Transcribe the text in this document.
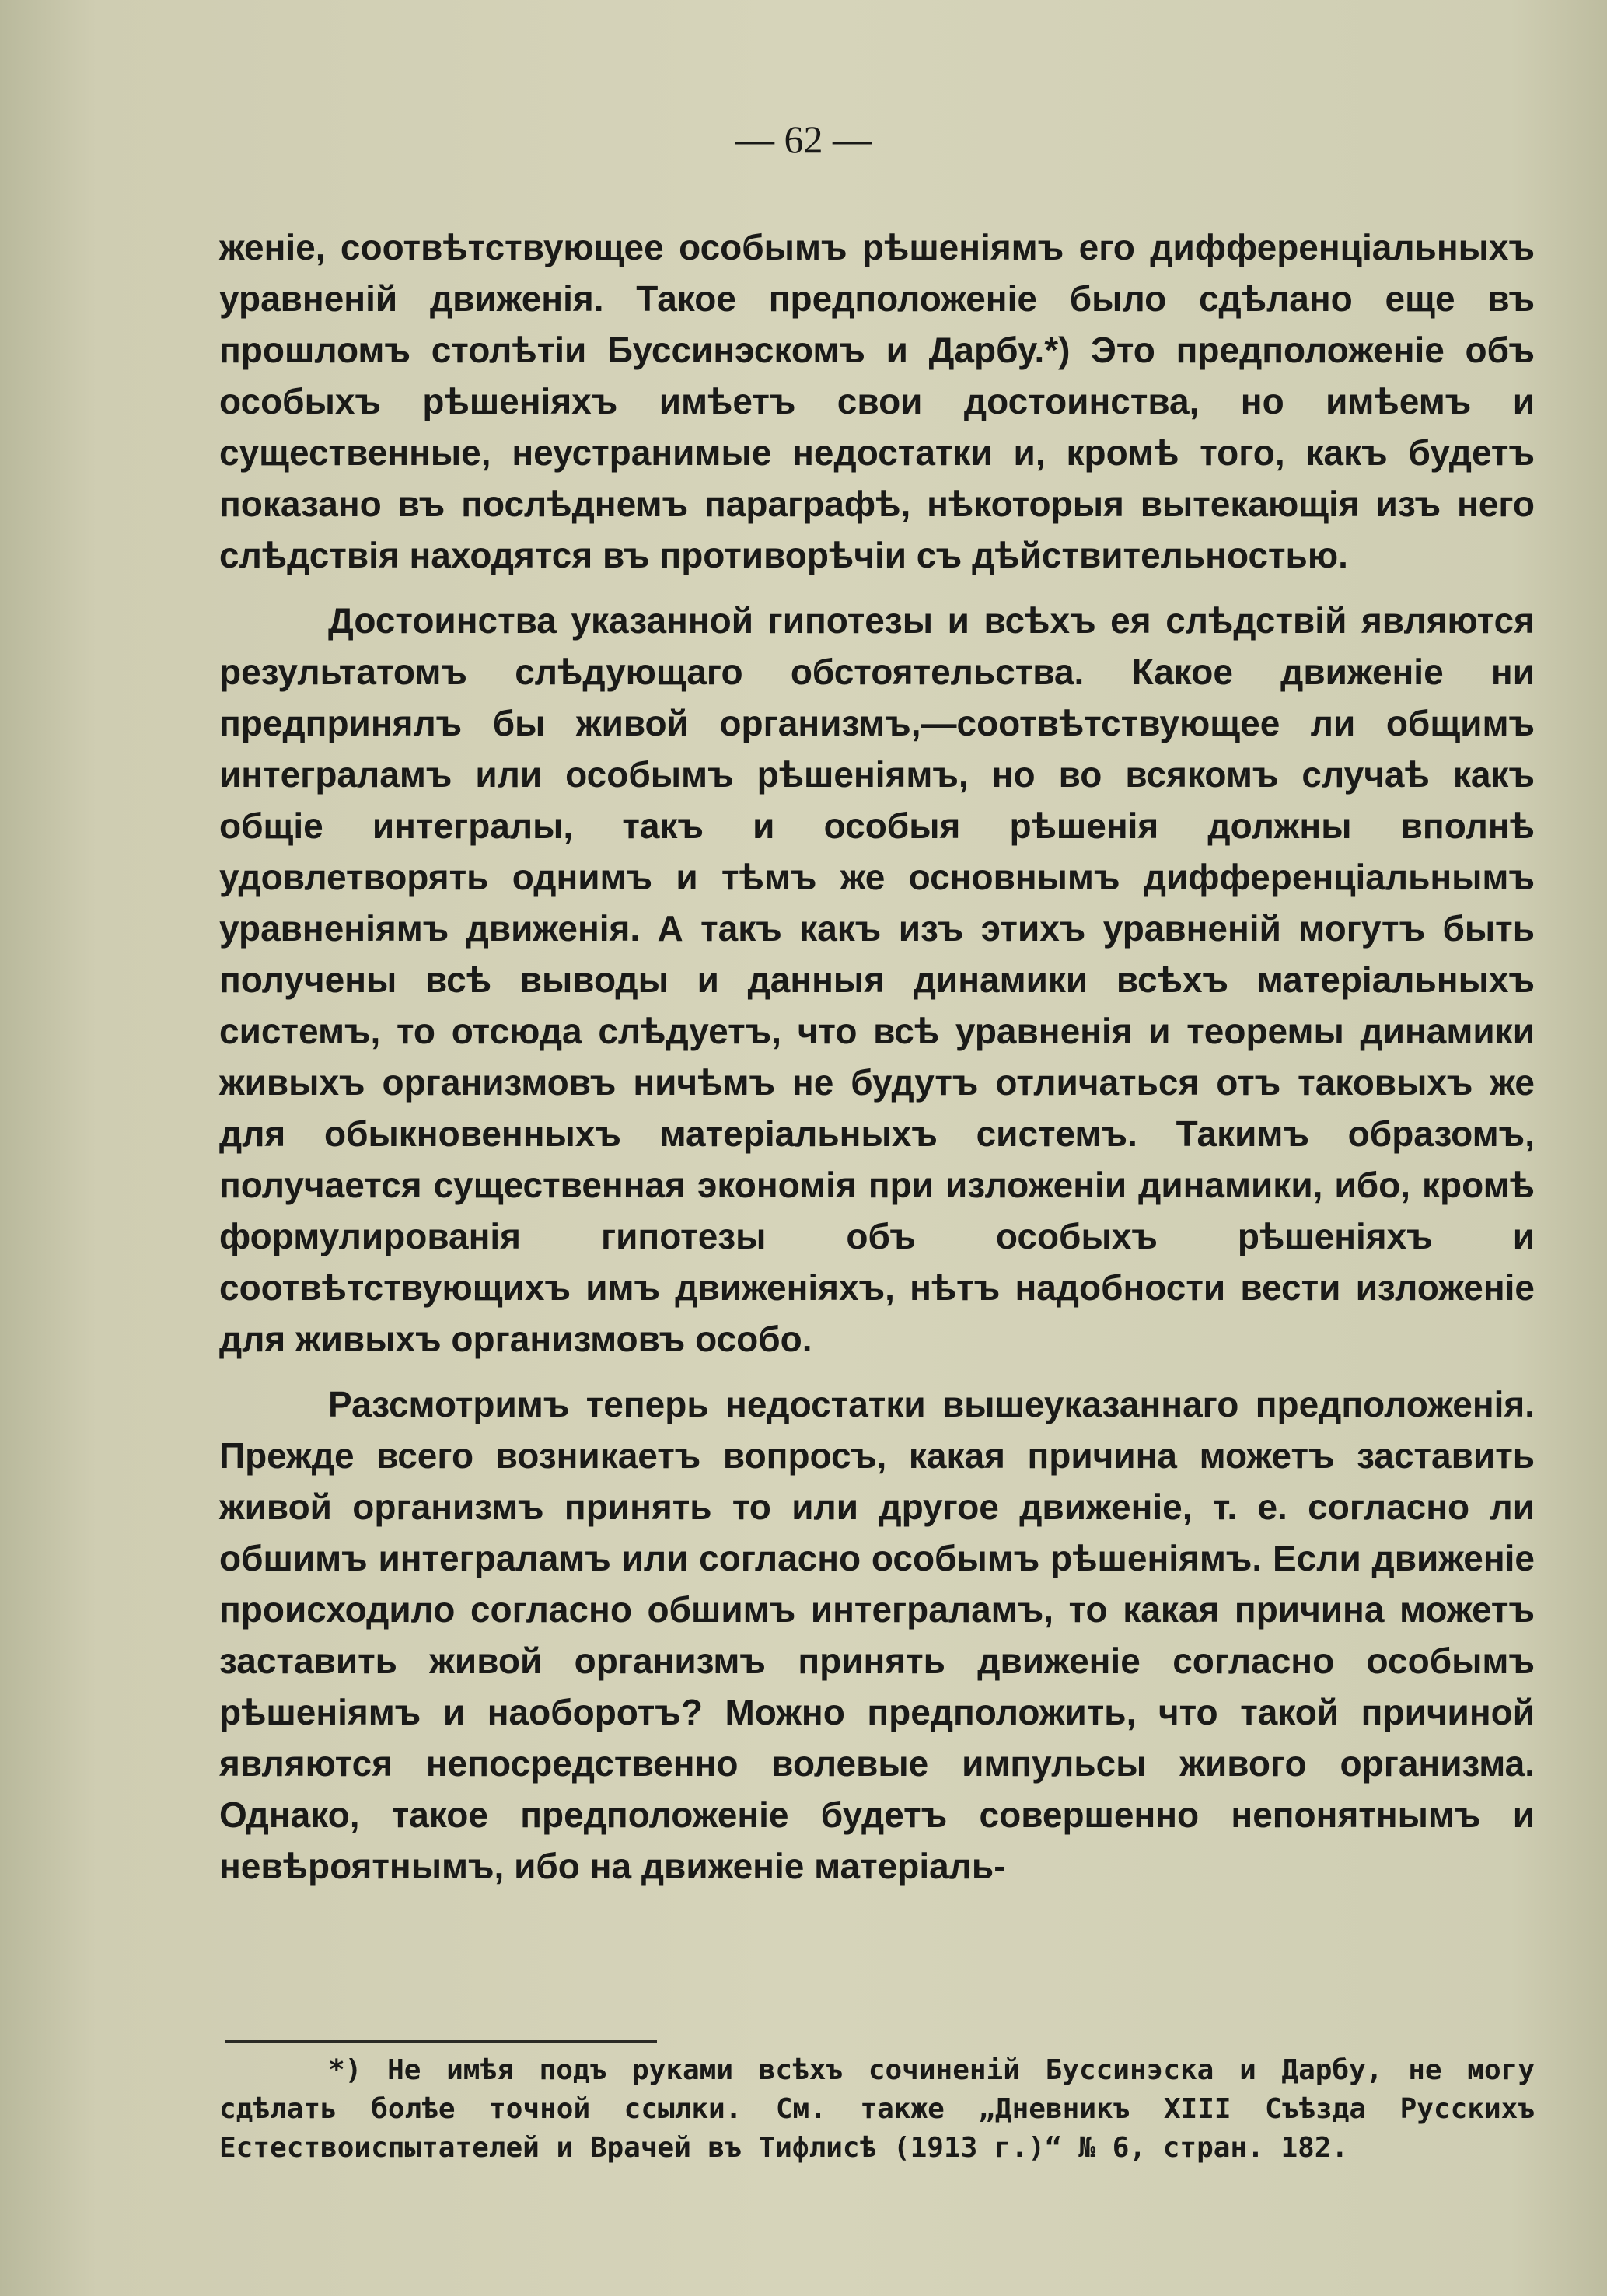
— 62 —

женіе, соотвѣтствующее особымъ рѣшеніямъ его дифференціальныхъ уравненій движенія. Такое предположеніе было сдѣлано еще въ прошломъ столѣтіи Буссинэскомъ и Дарбу.*) Это предположеніе объ особыхъ рѣшеніяхъ имѣетъ свои достоинства, но имѣемъ и существенные, неустранимые недостатки и, кромѣ того, какъ будетъ показано въ послѣднемъ параграфѣ, нѣкоторыя вытекающія изъ него слѣдствія находятся въ противорѣчіи съ дѣйствительностью.

Достоинства указанной гипотезы и всѣхъ ея слѣдствій являются результатомъ слѣдующаго обстоятельства. Какое движеніе ни предпринялъ бы живой организмъ,—соотвѣтствующее ли общимъ интеграламъ или особымъ рѣшеніямъ, но во всякомъ случаѣ какъ общіе интегралы, такъ и особыя рѣшенія должны вполнѣ удовлетворять однимъ и тѣмъ же основнымъ дифференціальнымъ уравненіямъ движенія. А такъ какъ изъ этихъ уравненій могутъ быть получены всѣ выводы и данныя динамики всѣхъ матеріальныхъ системъ, то отсюда слѣдуетъ, что всѣ уравненія и теоремы динамики живыхъ организмовъ ничѣмъ не будутъ отличаться отъ таковыхъ же для обыкновенныхъ матеріальныхъ системъ. Такимъ образомъ, получается существенная экономія при изложеніи динамики, ибо, кромѣ формулированія гипотезы объ особыхъ рѣшеніяхъ и соотвѣтствующихъ имъ движеніяхъ, нѣтъ надобности вести изложеніе для живыхъ организмовъ особо.

Разсмотримъ теперь недостатки вышеуказаннаго предположенія. Прежде всего возникаетъ вопросъ, какая причина можетъ заставить живой организмъ принять то или другое движеніе, т. е. согласно ли обшимъ интеграламъ или согласно особымъ рѣшеніямъ. Если движеніе происходило согласно обшимъ интеграламъ, то какая причина можетъ заставить живой организмъ принять движеніе согласно особымъ рѣшеніямъ и наоборотъ? Можно предположить, что такой причиной являются непосредственно волевые импульсы живого организма. Однако, такое предположеніе будетъ совершенно непонятнымъ и невѣроятнымъ, ибо на движеніе матеріаль-

*) Не имѣя подъ руками всѣхъ сочиненій Буссинэска и Дарбу, не могу сдѣлать болѣе точной ссылки. См. также „Дневникъ XIII Съѣзда Русскихъ Естествоиспытателей и Врачей въ Тифлисѣ (1913 г.)“ № 6, стран. 182.
